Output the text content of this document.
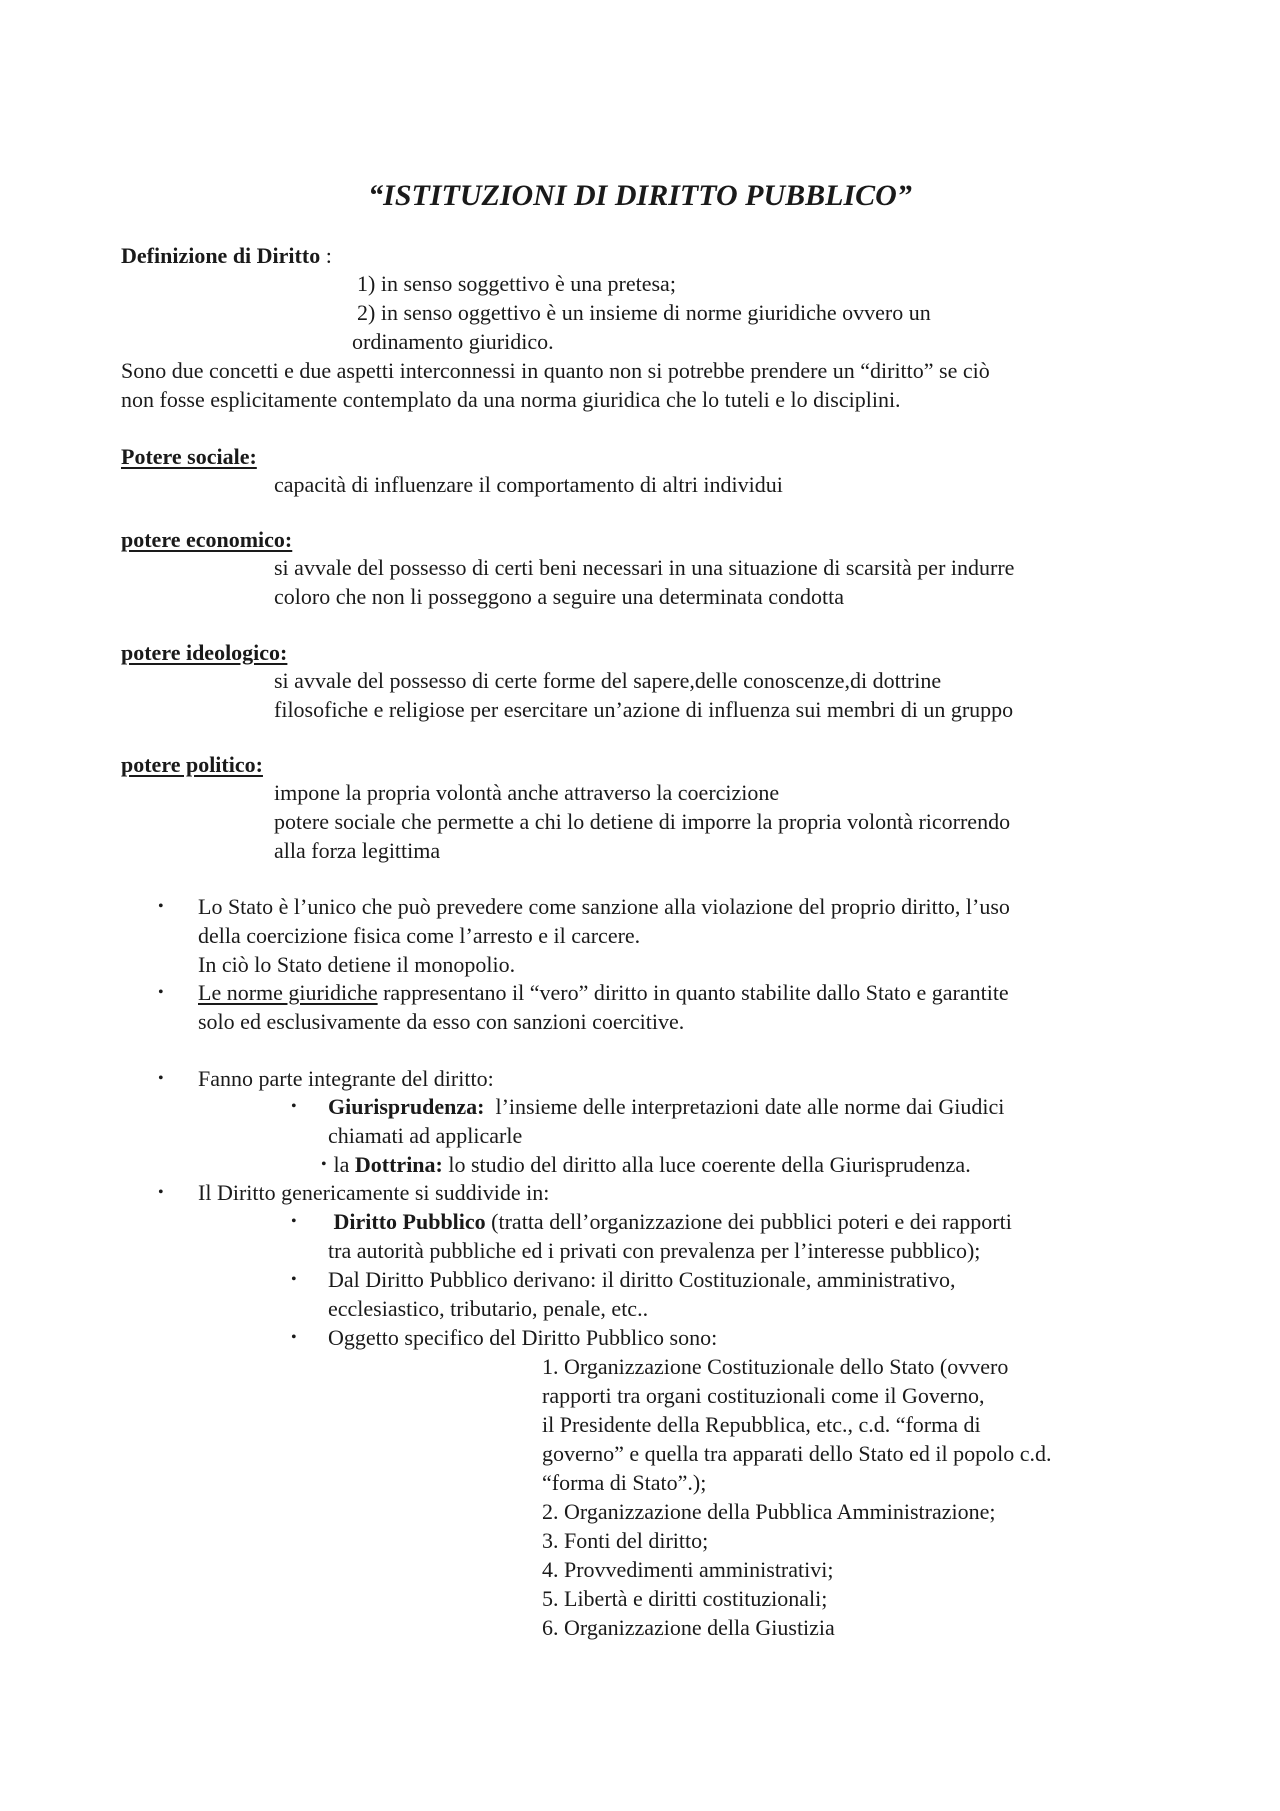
“ISTITUZIONI DI DIRITTO PUBBLICO”
Definizione di Diritto :
1) in senso soggettivo è una pretesa;
2) in senso oggettivo è un insieme di norme giuridiche ovvero un
ordinamento giuridico.
Sono due concetti e due aspetti interconnessi in quanto non si potrebbe prendere un “diritto” se ciò
non fosse esplicitamente contemplato da una norma giuridica che lo tuteli e lo disciplini.
Potere sociale:
capacità di influenzare il comportamento di altri individui
potere economico:
si avvale del possesso di certi beni necessari in una situazione di scarsità per indurre
coloro che non li posseggono a seguire una determinata condotta
potere ideologico:
si avvale del possesso di certe forme del sapere,delle conoscenze,di dottrine
filosofiche e religiose per esercitare un’azione di influenza sui membri di un gruppo
potere politico:
impone la propria volontà anche attraverso la coercizione
potere sociale che permette a chi lo detiene di imporre la propria volontà ricorrendo
alla forza legittima
• Lo Stato è l’unico che può prevedere come sanzione alla violazione del proprio diritto, l’uso
della coercizione fisica come l’arresto e il carcere.
In ciò lo Stato detiene il monopolio.
• Le norme giuridiche rappresentano il “vero” diritto in quanto stabilite dallo Stato e garantite
solo ed esclusivamente da esso con sanzioni coercitive.
• Fanno parte integrante del diritto:
• Giurisprudenza:  l’insieme delle interpretazioni date alle norme dai Giudici
chiamati ad applicarle
• la Dottrina: lo studio del diritto alla luce coerente della Giurisprudenza.
• Il Diritto genericamente si suddivide in:
• Diritto Pubblico (tratta dell’organizzazione dei pubblici poteri e dei rapporti
tra autorità pubbliche ed i privati con prevalenza per l’interesse pubblico);
• Dal Diritto Pubblico derivano: il diritto Costituzionale, amministrativo,
ecclesiastico, tributario, penale, etc..
• Oggetto specifico del Diritto Pubblico sono:
1. Organizzazione Costituzionale dello Stato (ovvero
rapporti tra organi costituzionali come il Governo,
il Presidente della Repubblica, etc., c.d. “forma di
governo” e quella tra apparati dello Stato ed il popolo c.d.
“forma di Stato”.);
2. Organizzazione della Pubblica Amministrazione;
3. Fonti del diritto;
4. Provvedimenti amministrativi;
5. Libertà e diritti costituzionali;
6. Organizzazione della Giustizia
